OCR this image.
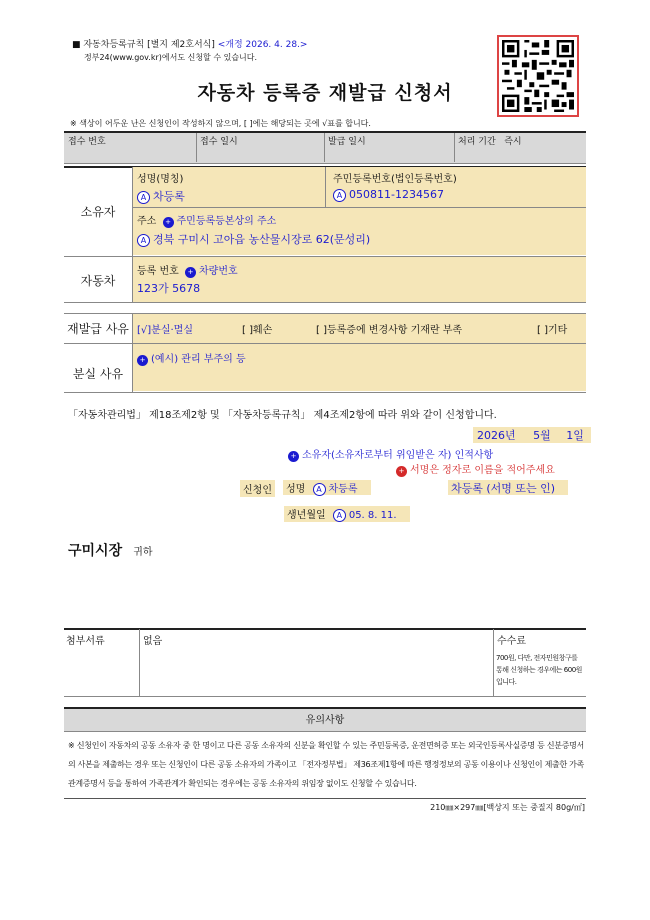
■ 자동차등록규칙 [별지 제2호서식] <개정 2026. 4. 28.>
정부24(www.gov.kr)에서도 신청할 수 있습니다.
자동차 등록증 재발급 신청서
※ 색상이 어두운 난은 신청인이 작성하지 않으며, [ ]에는 해당되는 곳에 √표를 합니다.
접수 번호	접수 일시	발급 일시	처리 기간 즉시
소유자
성명(명칭)
A 차등록
주민등록번호(법인등록번호)
A 050811-1234567
주소 + 주민등록등본상의 주소
A 경북 구미시 고아읍 농산물시장로 62(문성리)
자동차
등록 번호 + 차량번호
123가 5678
재발급 사유 [√]분실·멸실	[ ]훼손	[ ]등록증에 변경사항 기재란 부족	[ ]기타
분실 사유
+ (예시) 관리 부주의 등
「자동차관리법」 제18조제2항 및 「자동차등록규칙」 제4조제2항에 따라 위와 같이 신청합니다.
2026년 5월 1일
+ 소유자(소유자로부터 위임받은 자) 인적사항
+ 서명은 정자로 이름을 적어주세요
신청인	성명 A 차등록	차등록 (서명 또는 인)
생년월일 A 05. 8. 11.
구미시장 귀하
첨부서류	없음	수수료
700원, 다만, 전자민원창구를 통해 신청하는 경우에는 600원입니다.
유의사항
※ 신청인이 자동차의 공동 소유자 중 한 명이고 다른 공동 소유자의 신분을 확인할 수 있는 주민등록증, 운전면허증 또는 외국인등록사실증명 등 신분증명서의 사본을 제출하는 경우 또는 신청인이 다른 공동 소유자의 가족이고 「전자정부법」 제36조제1항에 따른 행정정보의 공동 이용이나 신청인이 제출한 가족관계증명서 등을 통하여 가족관계가 확인되는 경우에는 공동 소유자의 위임장 없이도 신청할 수 있습니다.
210㎜×297㎜[백상지 또는 중질지 80g/㎡]
